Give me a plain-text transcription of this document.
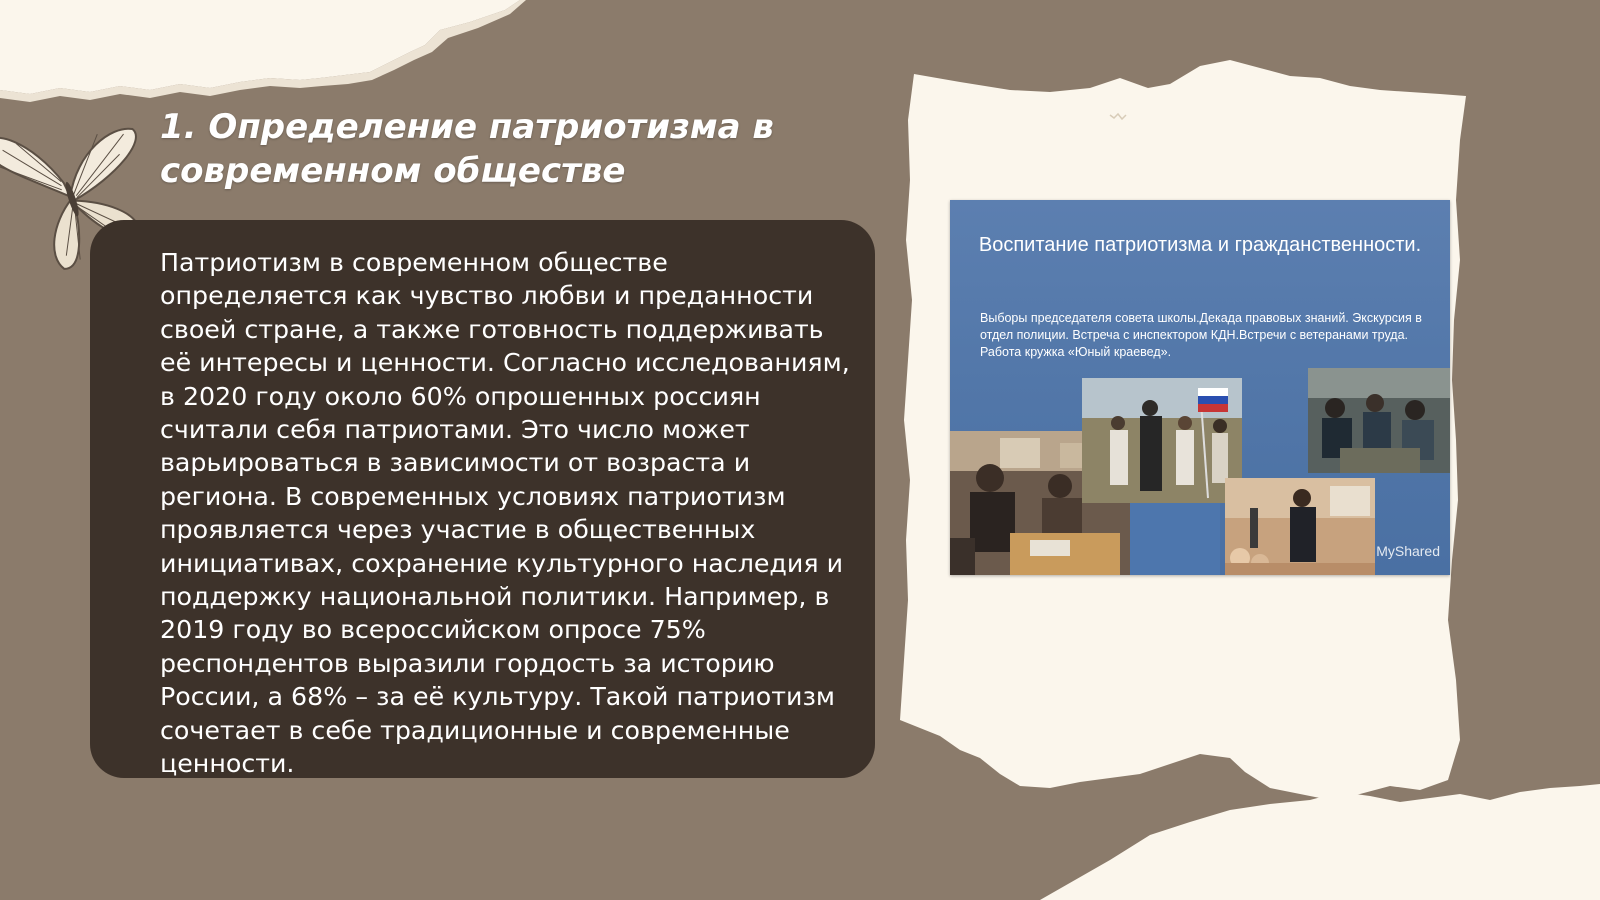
1. Определение патриотизма в современном обществе

Патриотизм в современном обществе определяется как чувство любви и преданности своей стране, а также готовность поддерживать её интересы и ценности. Согласно исследованиям, в 2020 году около 60% опрошенных россиян считали себя патриотами. Это число может варьироваться в зависимости от возраста и региона. В современных условиях патриотизм проявляется через участие в общественных инициативах, сохранение культурного наследия и поддержку национальной политики. Например, в 2019 году во всероссийском опросе 75% респондентов выразили гордость за историю России, а 68% – за её культуру. Такой патриотизм сочетает в себе традиционные и современные ценности.

Воспитание патриотизма и гражданственности.
Выборы председателя совета школы.Декада правовых знаний. Экскурсия в отдел полиции. Встреча с инспектором КДН.Встречи с ветеранами труда. Работа кружка «Юный краевед».
MyShared
